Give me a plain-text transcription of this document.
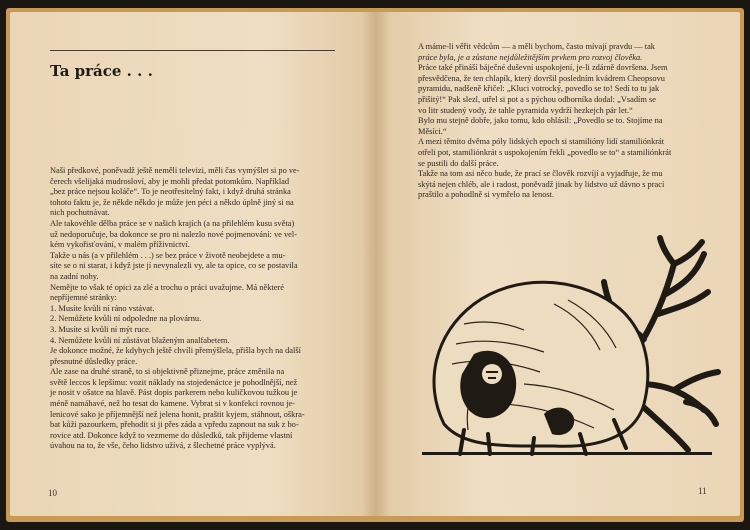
Ta práce . . .

Naši předkové, poněvadž ještě neměli televizi, měli čas vymýšlet si po ve-

čerech všelijaká mudrosloví, aby je mohli předat potomkům. Například

„bez práce nejsou koláče“. To je neotřesitelný fakt, i když druhá stránka

tohoto faktu je, že někde někdo je může jen péci a někdo úplně jiný si na

nich pochutnávat.

Ale takovéhle dělba práce se v našich krajích (a na přilehlém kusu světa)

už nedoporučuje, ba dokonce se pro ni nalezlo nové pojmenování: ve vel-

kém vykořisťování, v malém příživnictví.

Takže u nás (a v přilehlém . . .) se bez práce v životě neobejdete a mu-

síte se o ni starat, i když jste jí nevynalezli vy, ale ta opice, co se postavila

na zadní nohy.

Nemějte to však té opici za zlé a trochu o práci uvažujme. Má některé

nepříjemné stránky:

1. Musíte kvůli ní ráno vstávat.

2. Nemůžete kvůli ní odpoledne na plovárnu.

3. Musíte si kvůli ní mýt ruce.

4. Nemůžete kvůli ní zůstávat blaženým analfabetem.

Je dokonce možné, že kdybych ještě chvíli přemýšlela, přišla bych na další

přesnutné důsledky práce.

Ale zase na druhé straně, to si objektivně přiznejme, práce změnila na

světě leccos k lepšímu: vozit náklady na stojedenáctce je pohodlnější, než

je nosit v ošatce na hlavě. Pást dopis parkerem nebo kuličkovou tužkou je

méně namáhavé, než ho tesat do kamene. Vybrat si v konfekci rovnou je-

lenicové sako je příjemnější než jelena honit, praštit kyjem, stáhnout, oškra-

bat kůži pazourkem, přehodit si ji přes záda a vpředu zapnout na suk z bo-

rovice atd. Dokonce když to vezmeme do důsledků, tak přijdeme vlastní

úvahou na to, že vše, čeho lidstvo užívá, z šlechetné práce vyplývá.

10

A máme-li věřit vědcům — a měli bychom, často mívají pravdu — tak

práce byla, je a zůstane nejdůležitějším prvkem pro rozvoj člověka.

Práce také přináší báječné duševní uspokojení, je-li zdárně dovršena. Jsem

přesvědčena, že ten chlapík, který dovršil posledním kvádrem Cheopsovu

pyramidu, nadšeně křičel: „Kluci votrocký, povedlo se to! Sedí to tu jak

přišitý!“ Pak slezl, utřel si pot a s pýchou odborníka dodal: „Vsadím se

vo litr studený vody, že tahle pyramida vydrží hezkejch pár let.“

Bylo mu stejně dobře, jako tomu, kdo ohlásil: „Povedlo se to. Stojíme na

Měsíci.“

A mezi těmito dvěma póly lidských epoch si stamiliónу lidí stamiliónkrát

otřeli pot, stamiliónkrát s uspokojením řekli „povedlo se to“ a stamiliónkrát

se pustili do další práce.

Takže na tom asi něco bude, že prací se člověk rozvíjí a vyjadřuje, že mu

skýtá nejen chléb, ale i radost, poněvadž jinak by lidstvo už dávno s prací

praštilo a pohodlně si vymřelo na lenost.

11
